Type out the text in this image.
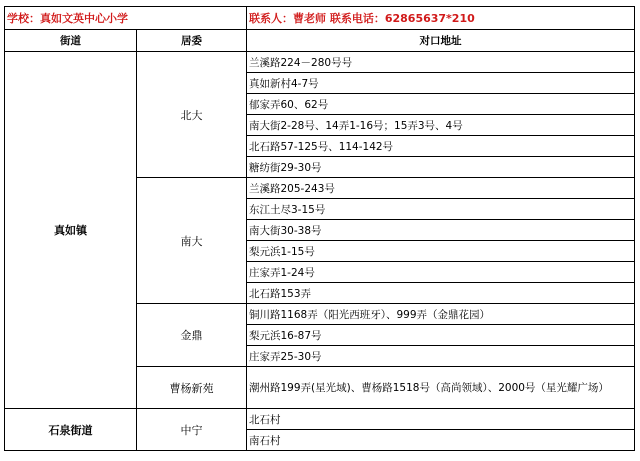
学校：真如文英中心小学		联系人：曹老师 联系电话：62865637*210
街道	居委	对口地址
真如镇	北大	兰溪路224－280号号
		真如新村4-7号
		郁家弄60、62号
		南大街2-28号、14弄1-16号；15弄3号、4号
		北石路57-125号、114-142号
		糖纺街29-30号
	南大	兰溪路205-243号
		东江土尽3-15号
		南大街30-38号
		梨元浜1-15号
		庄家弄1-24号
		北石路153弄
	金鼎	铜川路1168弄（阳光西班牙）、999弄（金鼎花园）
		梨元浜16-87号
		庄家弄25-30号
	曹杨新苑	潮州路199弄(星光域)、曹杨路1518号（高尚领域）、2000号（星光耀广场）
石泉街道	中宁	北石村
		南石村
